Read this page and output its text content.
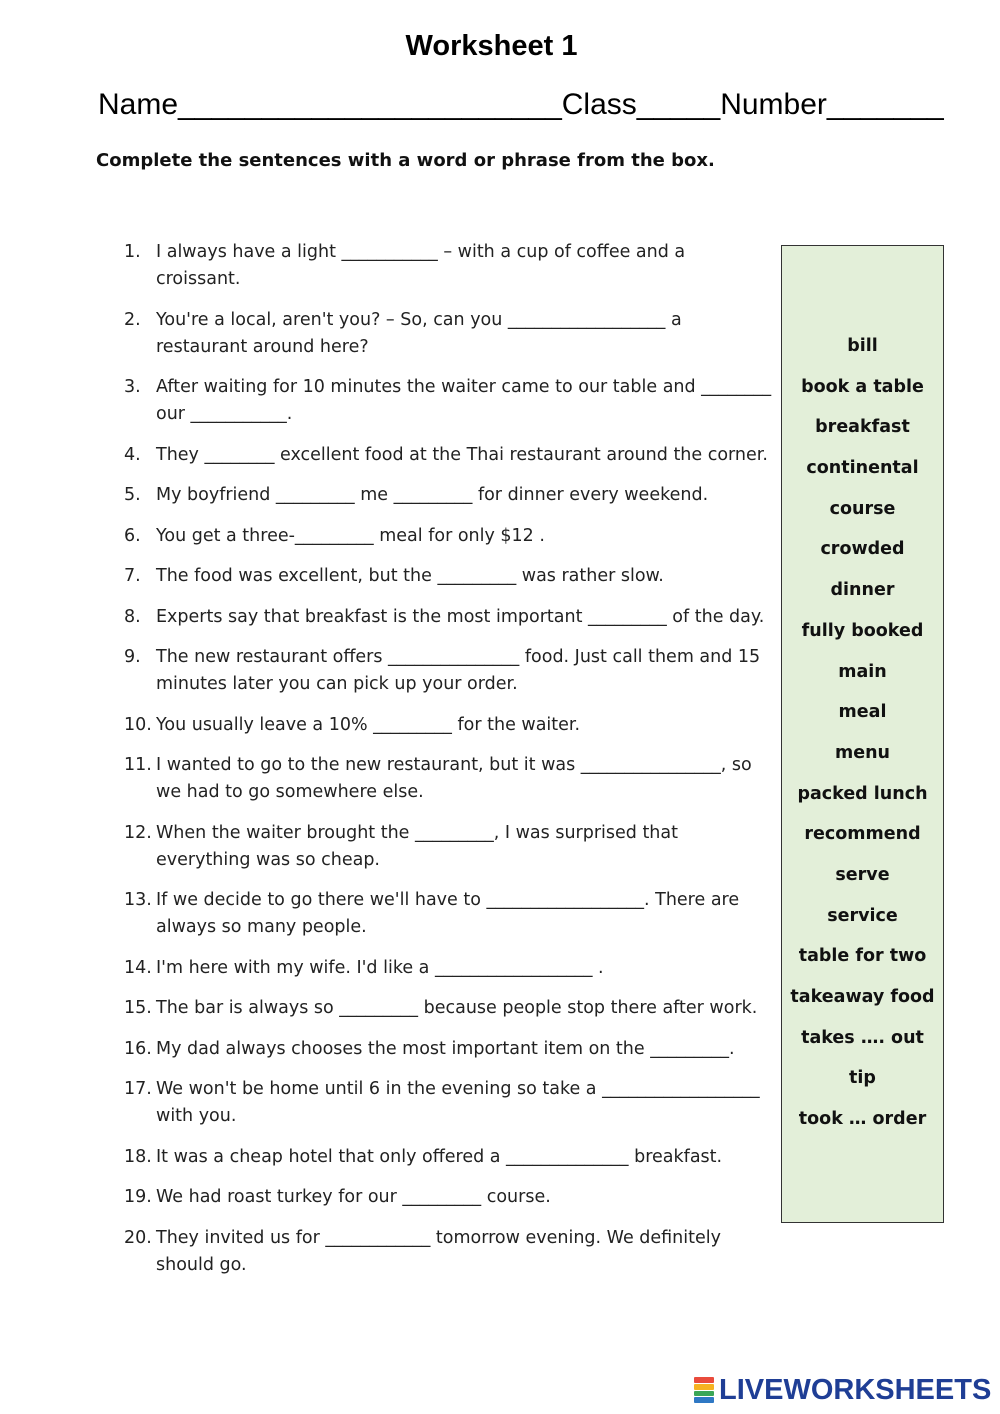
Worksheet 1
Name_______________________Class_____Number_______
Complete the sentences with a word or phrase from the box.
1. I always have a light ___________ – with a cup of coffee and a croissant.
2. You're a local, aren't you? – So, can you __________________ a restaurant around here?
3. After waiting for 10 minutes the waiter came to our table and ________ our ___________.
4. They ________ excellent food at the Thai restaurant around the corner.
5. My boyfriend _________ me _________ for dinner every weekend.
6. You get a three-_________ meal for only $12 .
7. The food was excellent, but the _________ was rather slow.
8. Experts say that breakfast is the most important _________ of the day.
9. The new restaurant offers _______________ food. Just call them and 15 minutes later you can pick up your order.
10. You usually leave a 10% _________ for the waiter.
11. I wanted to go to the new restaurant, but it was ________________, so we had to go somewhere else.
12. When the waiter brought the _________, I was surprised that everything was so cheap.
13. If we decide to go there we'll have to __________________. There are always so many people.
14. I'm here with my wife. I'd like a __________________ .
15. The bar is always so _________ because people stop there after work.
16. My dad always chooses the most important item on the _________.
17. We won't be home until 6 in the evening so take a __________________ with you.
18. It was a cheap hotel that only offered a ______________ breakfast.
19. We had roast turkey for our _________ course.
20. They invited us for ____________ tomorrow evening. We definitely should go.
bill
book a table
breakfast
continental
course
crowded
dinner
fully booked
main
meal
menu
packed lunch
recommend
serve
service
table for two
takeaway food
takes …. out
tip
took … order
LIVEWORKSHEETS
